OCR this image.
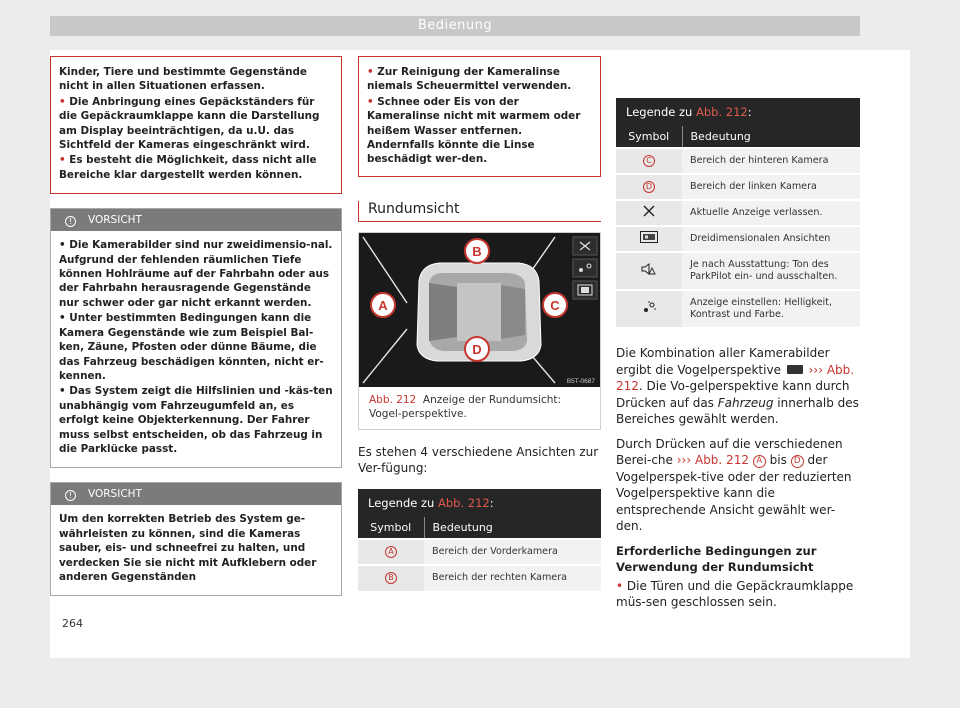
Bedienung

Kinder, Tiere und bestimmte Gegenstände nicht in allen Situationen erfassen.

• Die Anbringung eines Gepäckständers für die Gepäckraumklappe kann die Darstellung am Display beeinträchtigen, da u.U. das Sichtfeld der Kameras eingeschränkt wird.

• Es besteht die Möglichkeit, dass nicht alle Bereiche klar dargestellt werden können.

! VORSICHT

• Die Kamerabilder sind nur zweidimensio-nal. Aufgrund der fehlenden räumlichen Tiefe können Hohlräume auf der Fahrbahn oder aus der Fahrbahn herausragende Gegenstände nur schwer oder gar nicht erkannt werden.

• Unter bestimmten Bedingungen kann die Kamera Gegenstände wie zum Beispiel Bal-ken, Zäune, Pfosten oder dünne Bäume, die das Fahrzeug beschädigen könnten, nicht er-kennen.

• Das System zeigt die Hilfslinien und -käs-ten unabhängig vom Fahrzeugumfeld an, es erfolgt keine Objekterkennung. Der Fahrer muss selbst entscheiden, ob das Fahrzeug in die Parklücke passt.

! VORSICHT

Um den korrekten Betrieb des System ge-währleisten zu können, sind die Kameras sauber, eis- und schneefrei zu halten, und verdecken Sie sie nicht mit Aufklebern oder anderen Gegenständen

• Zur Reinigung der Kameralinse niemals Scheuermittel verwenden.

• Schnee oder Eis von der Kameralinse nicht mit warmem oder heißem Wasser entfernen. Andernfalls könnte die Linse beschädigt wer-den.

Rundumsicht
A
B
C
D
B5T-0687
Abb. 212 Anzeige der Rundumsicht: Vogel-perspektive.

Es stehen 4 verschiedene Ansichten zur Ver-fügung:

Legende zu Abb. 212:
Symbol	Bedeutung
A	Bereich der Vorderkamera
B	Bereich der rechten Kamera
Legende zu Abb. 212:
Symbol	Bedeutung
C	Bereich der hinteren Kamera
D	Bereich der linken Kamera
	Aktuelle Anzeige verlassen.
	Dreidimensionalen Ansichten
	Je nach Ausstattung: Ton des ParkPilot ein- und ausschalten.
	Anzeige einstellen: Helligkeit, Kontrast und Farbe.

Die Kombination aller Kamerabilder ergibt die Vogelperspektive ››› Abb. 212. Die Vo-gelperspektive kann durch Drücken auf das Fahrzeug innerhalb des Bereiches gewählt werden.

Durch Drücken auf die verschiedenen Berei-che ››› Abb. 212 A bis D der Vogelperspek-tive oder der reduzierten Vogelperspektive kann die entsprechende Ansicht gewählt wer-den.

Erforderliche Bedingungen zur Verwendung der Rundumsicht

• Die Türen und die Gepäckraumklappe müs-sen geschlossen sein.

264
